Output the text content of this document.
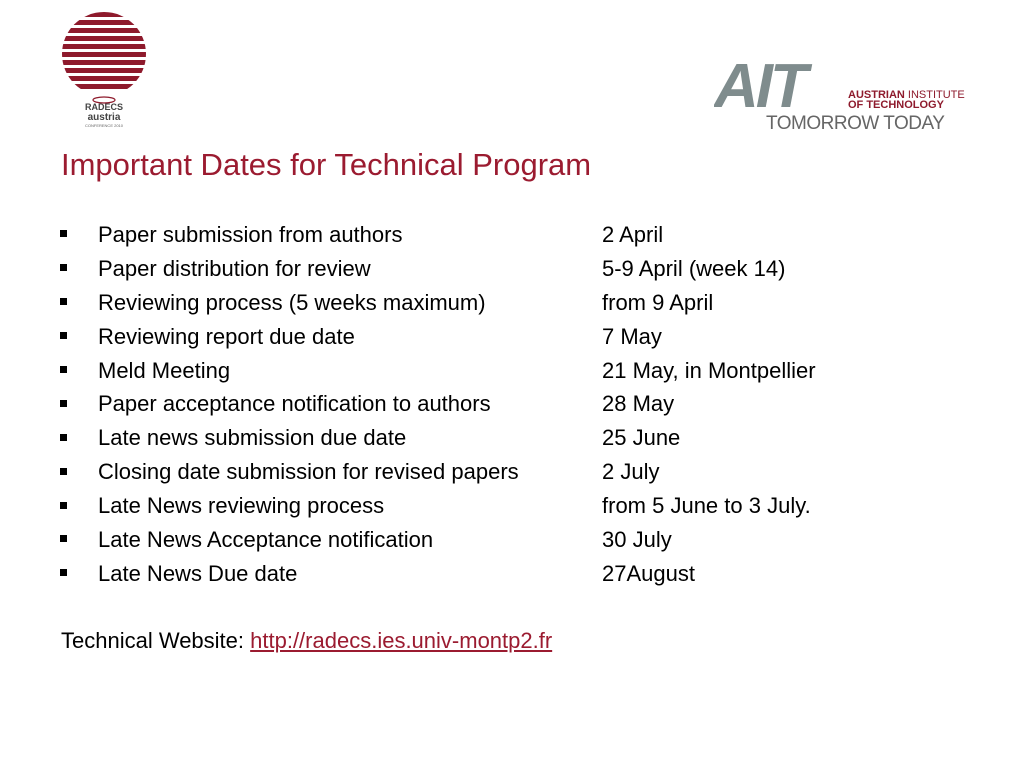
RADECS
austria
CONFERENCE 2010
AIT	AUSTRIAN INSTITUTE
OF TECHNOLOGY
TOMORROW TODAY
Important Dates for Technical Program
Paper submission from authors	2 April
Paper distribution for review	5-9 April (week 14)
Reviewing process (5 weeks maximum)	from 9 April
Reviewing report due date	7 May
Meld Meeting	21 May, in Montpellier
Paper acceptance notification to authors	28 May
Late news submission due date	25 June
Closing date submission for revised papers	2 July
Late News reviewing process	from 5 June to 3 July.
Late News Acceptance notification	30 July
Late News Due date	27August
Technical Website: http://radecs.ies.univ-montp2.fr
